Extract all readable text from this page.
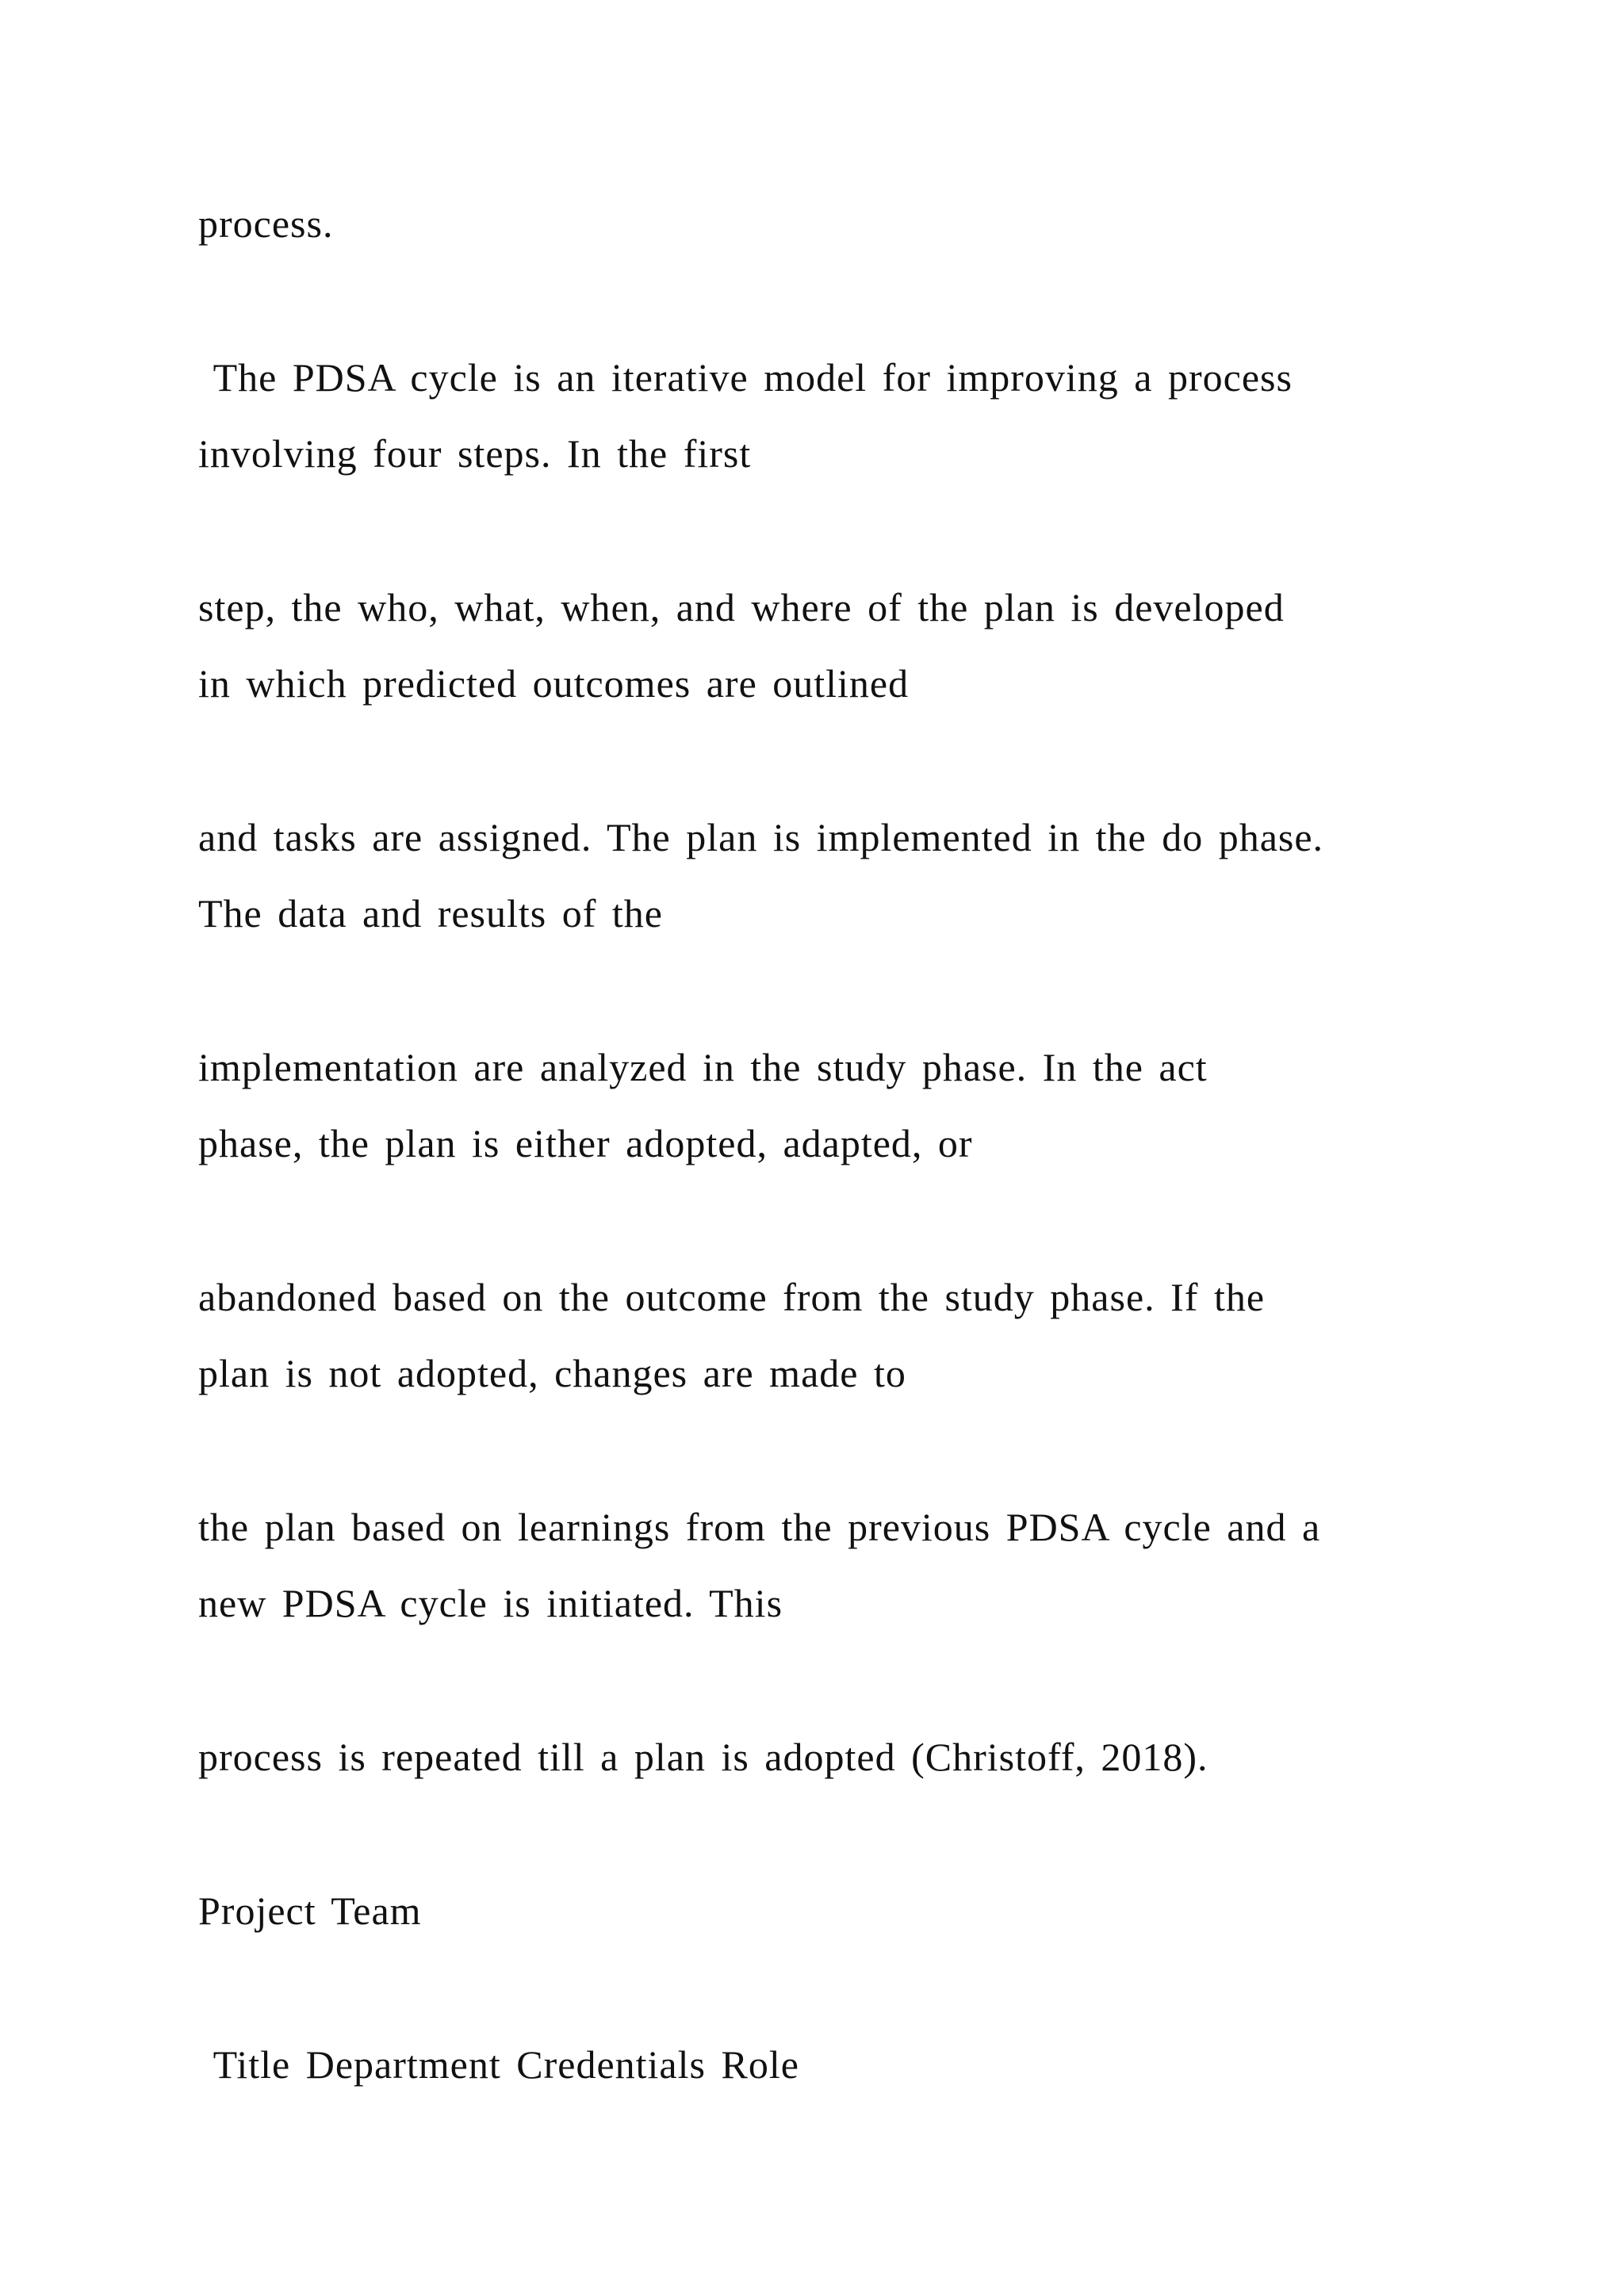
process.

The PDSA cycle is an iterative model for improving a process

involving four steps. In the first

step, the who, what, when, and where of the plan is developed

in which predicted outcomes are outlined

and tasks are assigned. The plan is implemented in the do phase.

The data and results of the

implementation are analyzed in the study phase. In the act

phase, the plan is either adopted, adapted, or

abandoned based on the outcome from the study phase. If the

plan is not adopted, changes are made to

the plan based on learnings from the previous PDSA cycle and a

new PDSA cycle is initiated. This

process is repeated till a plan is adopted (Christoff, 2018).

Project Team

Title Department Credentials Role
